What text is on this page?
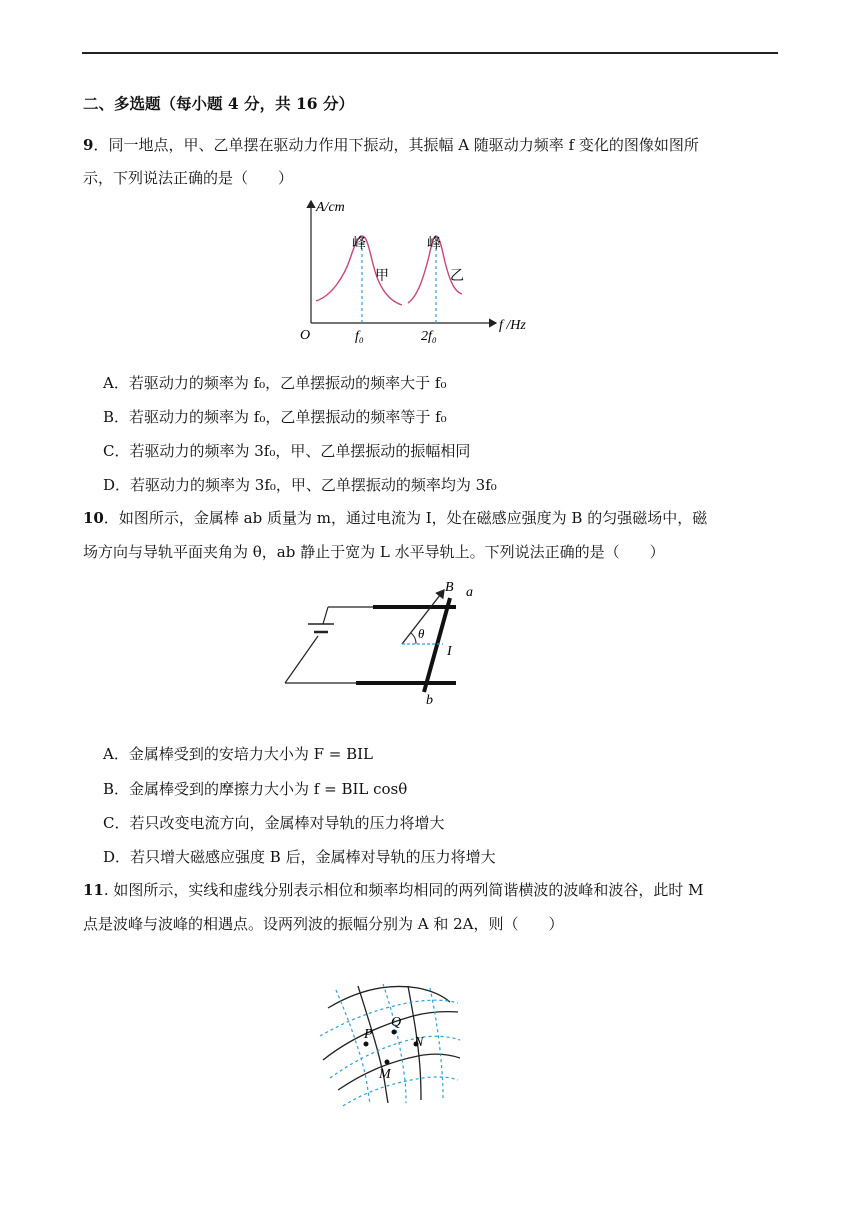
二、多选题（每小题 4 分，共 16 分）
9．同一地点，甲、乙单摆在驱动力作用下振动，其振幅 A 随驱动力频率 f 变化的图像如图所
示，下列说法正确的是（　　）
A/cm
f /Hz
O	f₀	2f₀
峰	峰
甲	乙
A．若驱动力的频率为 f₀，乙单摆振动的频率大于 f₀
B．若驱动力的频率为 f₀，乙单摆振动的频率等于 f₀
C．若驱动力的频率为 3f₀，甲、乙单摆振动的振幅相同
D．若驱动力的频率为 3f₀，甲、乙单摆振动的频率均为 3f₀
10．如图所示，金属棒 ab 质量为 m，通过电流为 I，处在磁感应强度为 B 的匀强磁场中，磁
场方向与导轨平面夹角为 θ，ab 静止于宽为 L 水平导轨上。下列说法正确的是（　　）
B a
b
θ
I
A．金属棒受到的安培力大小为 F = BIL
B．金属棒受到的摩擦力大小为 f = BIL cosθ
C．若只改变电流方向，金属棒对导轨的压力将增大
D．若只增大磁感应强度 B 后，金属棒对导轨的压力将增大
11. 如图所示，实线和虚线分别表示相位和频率均相同的两列简谐横波的波峰和波谷，此时 M
点是波峰与波峰的相遇点。设两列波的振幅分别为 A 和 2A，则（　　）
P
Q
N
M
